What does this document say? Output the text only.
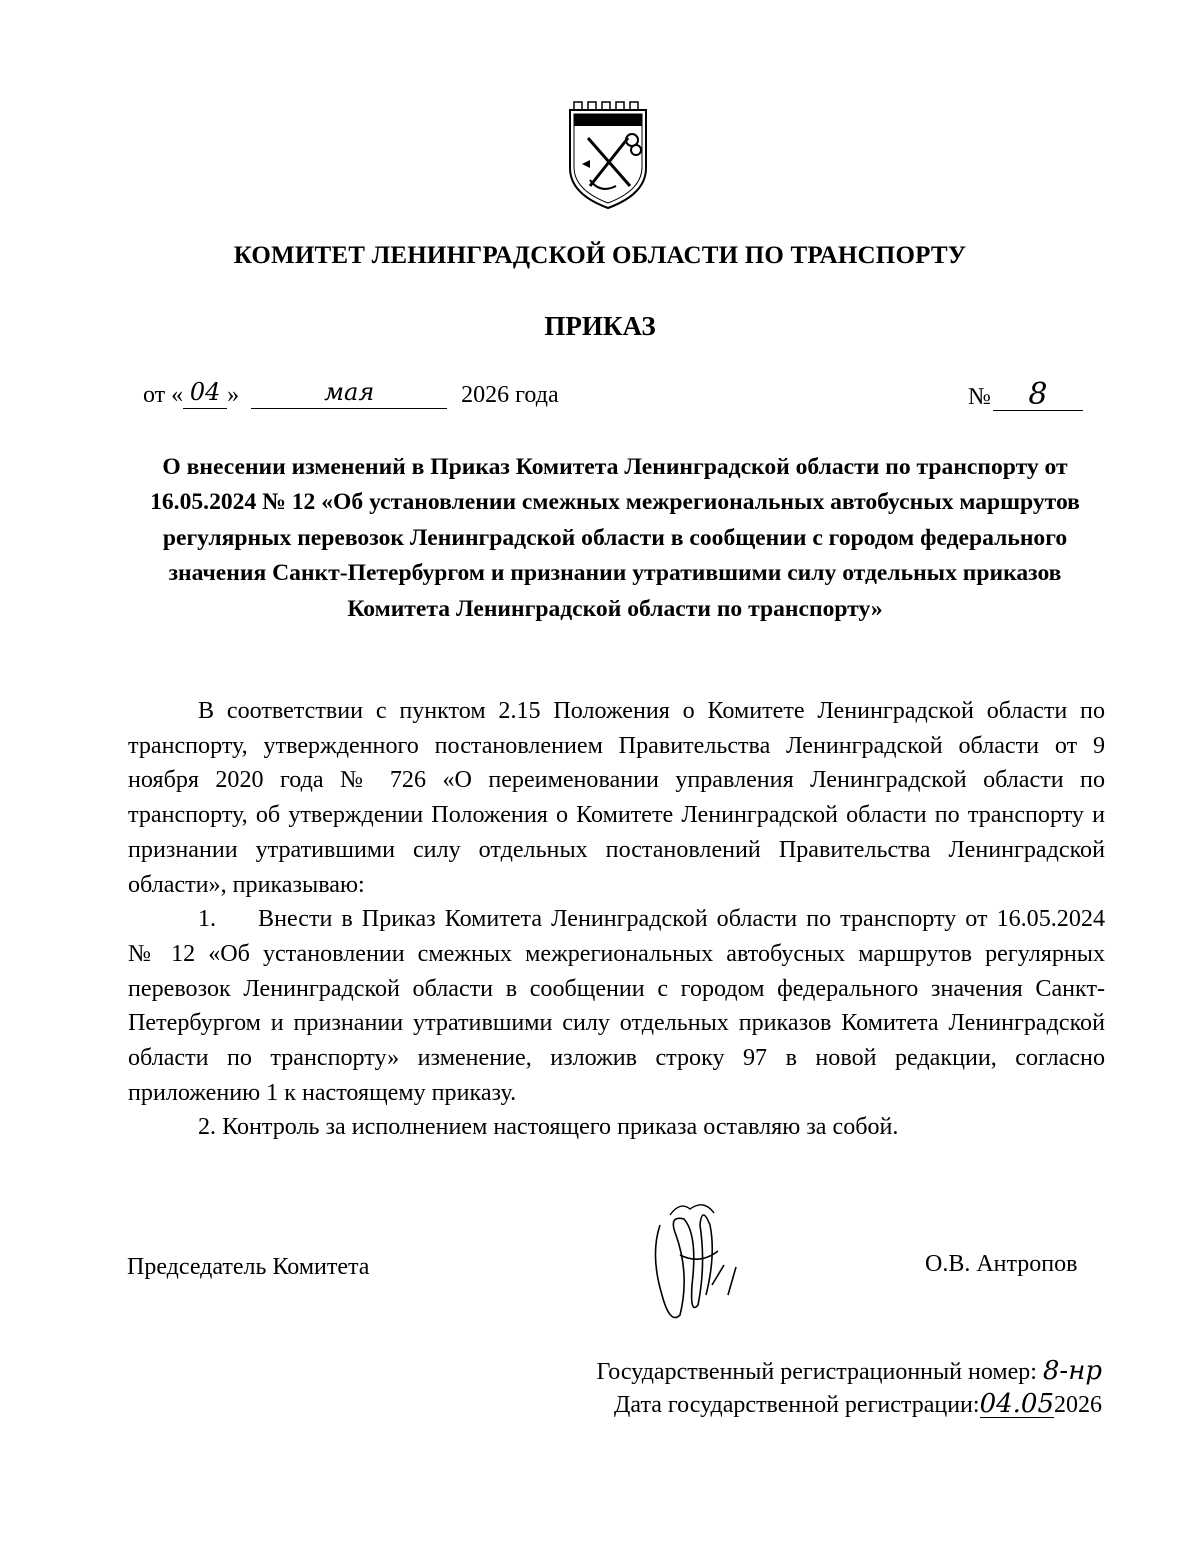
КОМИТЕТ ЛЕНИНГРАДСКОЙ ОБЛАСТИ ПО ТРАНСПОРТУ
ПРИКАЗ
от « 04 »	мая	2026 года	№	8
О внесении изменений в Приказ Комитета Ленинградской области по транспорту от 16.05.2024 № 12 «Об установлении смежных межрегиональных автобусных маршрутов регулярных перевозок Ленинградской области в сообщении с городом федерального значения Санкт-Петербургом и признании утратившими силу отдельных приказов Комитета Ленинградской области по транспорту»

В соответствии с пунктом 2.15 Положения о Комитете Ленинградской области по транспорту, утвержденного постановлением Правительства Ленинградской области от 9 ноября 2020 года № 726 «О переименовании управления Ленинградской области по транспорту, об утверждении Положения о Комитете Ленинградской области по транспорту и признании утратившими силу отдельных постановлений Правительства Ленинградской области», приказываю:

1. Внести в Приказ Комитета Ленинградской области по транспорту от 16.05.2024 № 12 «Об установлении смежных межрегиональных автобусных маршрутов регулярных перевозок Ленинградской области в сообщении с городом федерального значения Санкт-Петербургом и признании утратившими силу отдельных приказов Комитета Ленинградской области по транспорту» изменение, изложив строку 97 в новой редакции, согласно приложению 1 к настоящему приказу.

2. Контроль за исполнением настоящего приказа оставляю за собой.

Председатель Комитета	О.В. Антропов
Государственный регистрационный номер: 8-нр
Дата государственной регистрации:04.052026
